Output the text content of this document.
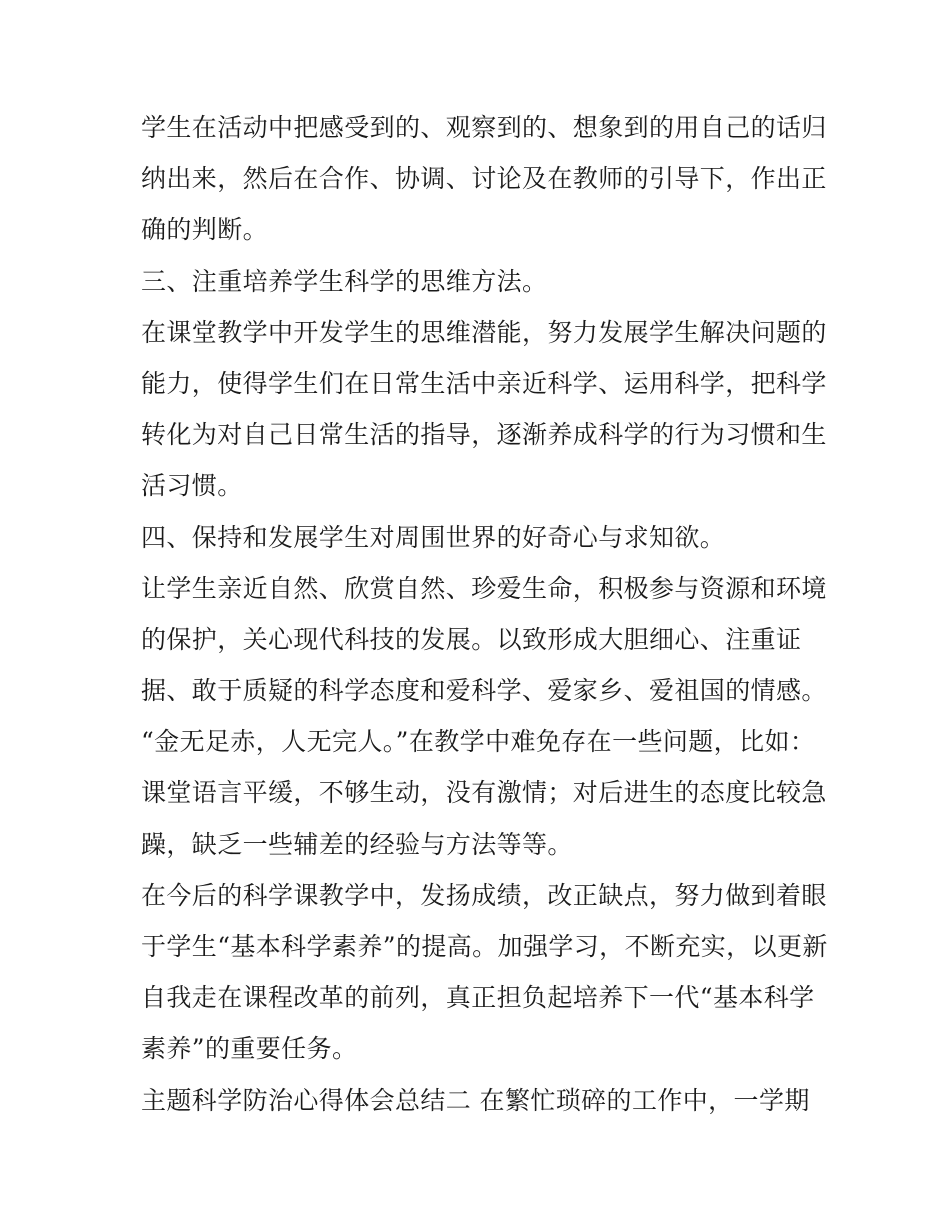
学生在活动中把感受到的、观察到的、想象到的用自己的话归
纳出来，然后在合作、协调、讨论及在教师的引导下，作出正
确的判断。
三、注重培养学生科学的思维方法。
在课堂教学中开发学生的思维潜能，努力发展学生解决问题的
能力，使得学生们在日常生活中亲近科学、运用科学，把科学
转化为对自己日常生活的指导，逐渐养成科学的行为习惯和生
活习惯。
四、保持和发展学生对周围世界的好奇心与求知欲。
让学生亲近自然、欣赏自然、珍爱生命，积极参与资源和环境
的保护，关心现代科技的发展。以致形成大胆细心、注重证
据、敢于质疑的科学态度和爱科学、爱家乡、爱祖国的情感。
“金无足赤，人无完人。”在教学中难免存在一些问题，比如：
课堂语言平缓，不够生动，没有激情；对后进生的态度比较急
躁，缺乏一些辅差的经验与方法等等。
在今后的科学课教学中，发扬成绩，改正缺点，努力做到着眼
于学生“基本科学素养”的提高。加强学习，不断充实，以更新
自我走在课程改革的前列，真正担负起培养下一代“基本科学
素养”的重要任务。
主题科学防治心得体会总结二 在繁忙琐碎的工作中，一学期
